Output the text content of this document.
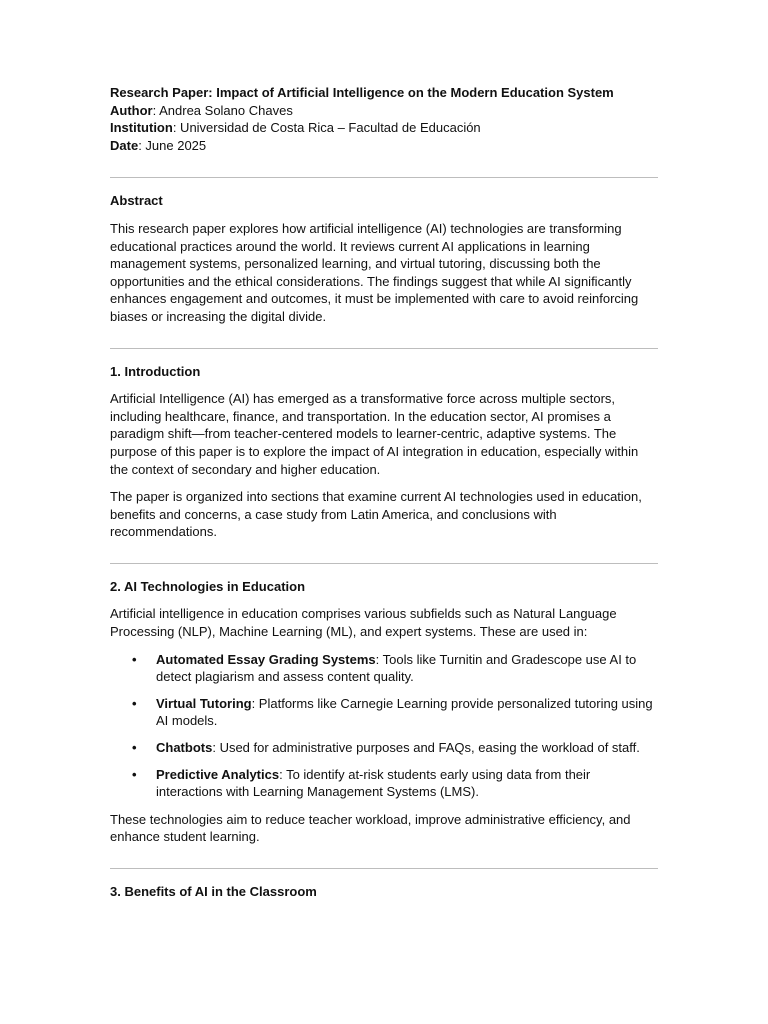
Research Paper: Impact of Artificial Intelligence on the Modern Education System

Author: Andrea Solano Chaves

Institution: Universidad de Costa Rica – Facultad de Educación

Date: June 2025

Abstract

This research paper explores how artificial intelligence (AI) technologies are transforming educational practices around the world. It reviews current AI applications in learning management systems, personalized learning, and virtual tutoring, discussing both the opportunities and the ethical considerations. The findings suggest that while AI significantly enhances engagement and outcomes, it must be implemented with care to avoid reinforcing biases or increasing the digital divide.

1. Introduction

Artificial Intelligence (AI) has emerged as a transformative force across multiple sectors, including healthcare, finance, and transportation. In the education sector, AI promises a paradigm shift—from teacher-centered models to learner-centric, adaptive systems. The purpose of this paper is to explore the impact of AI integration in education, especially within the context of secondary and higher education.

The paper is organized into sections that examine current AI technologies used in education, benefits and concerns, a case study from Latin America, and conclusions with recommendations.

2. AI Technologies in Education

Artificial intelligence in education comprises various subfields such as Natural Language Processing (NLP), Machine Learning (ML), and expert systems. These are used in:

• Automated Essay Grading Systems: Tools like Turnitin and Gradescope use AI to detect plagiarism and assess content quality.
• Virtual Tutoring: Platforms like Carnegie Learning provide personalized tutoring using AI models.
• Chatbots: Used for administrative purposes and FAQs, easing the workload of staff.
• Predictive Analytics: To identify at-risk students early using data from their interactions with Learning Management Systems (LMS).

These technologies aim to reduce teacher workload, improve administrative efficiency, and enhance student learning.

3. Benefits of AI in the Classroom
